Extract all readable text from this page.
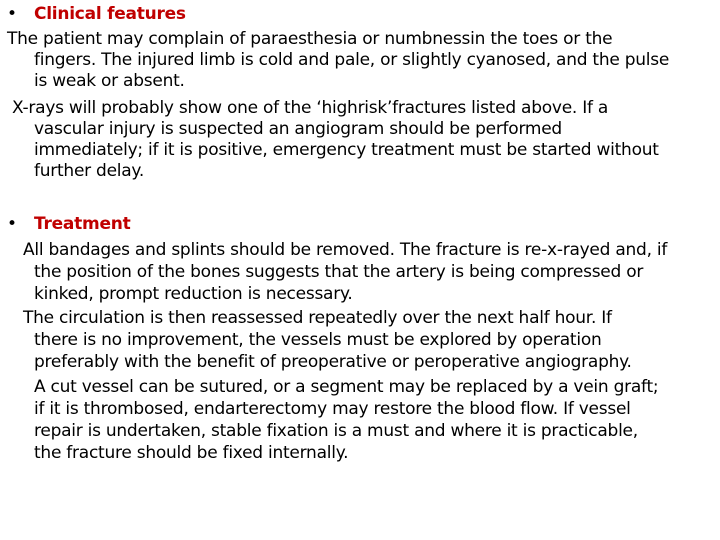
• Clinical features
The patient may complain of paraesthesia or numbnessin the toes or the
fingers. The injured limb is cold and pale, or slightly cyanosed, and the pulse
is weak or absent.
X-rays will probably show one of the ‘highrisk’fractures listed above. If a
vascular injury is suspected an angiogram should be performed
immediately; if it is positive, emergency treatment must be started without
further delay.
• Treatment
All bandages and splints should be removed. The fracture is re-x-rayed and, if
the position of the bones suggests that the artery is being compressed or
kinked, prompt reduction is necessary.
The circulation is then reassessed repeatedly over the next half hour. If
there is no improvement, the vessels must be explored by operation
preferably with the benefit of preoperative or peroperative angiography.
A cut vessel can be sutured, or a segment may be replaced by a vein graft;
if it is thrombosed, endarterectomy may restore the blood flow. If vessel
repair is undertaken, stable fixation is a must and where it is practicable,
the fracture should be fixed internally.
